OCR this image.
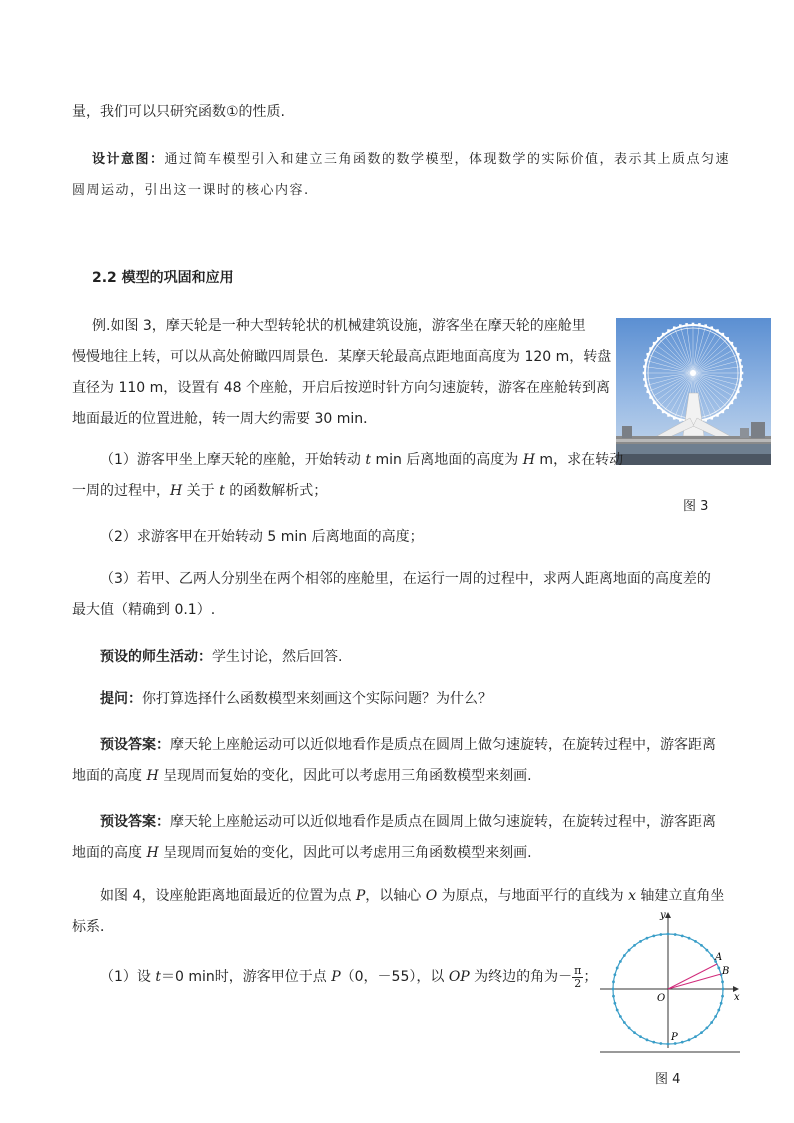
量，我们可以只研究函数①的性质.
设计意图：通过简车模型引入和建立三角函数的数学模型，体现数学的实际价值，表示其上质点匀速
圆周运动，引出这一课时的核心内容.
2.2 模型的巩固和应用
例.如图 3，摩天轮是一种大型转轮状的机械建筑设施，游客坐在摩天轮的座舱里
慢慢地往上转，可以从高处俯瞰四周景色．某摩天轮最高点距地面高度为 120 m，转盘
直径为 110 m，设置有 48 个座舱，开启后按逆时针方向匀速旋转，游客在座舱转到离
地面最近的位置进舱，转一周大约需要 30 min．
图 3
（1）游客甲坐上摩天轮的座舱，开始转动 t min 后离地面的高度为 H m，求在转动
一周的过程中，H 关于 t 的函数解析式；
（2）求游客甲在开始转动 5 min 后离地面的高度；
（3）若甲、乙两人分别坐在两个相邻的座舱里，在运行一周的过程中，求两人距离地面的高度差的
最大值（精确到 0.1）.
预设的师生活动：学生讨论，然后回答.
提问：你打算选择什么函数模型来刻画这个实际问题？为什么？
预设答案：摩天轮上座舱运动可以近似地看作是质点在圆周上做匀速旋转，在旋转过程中，游客距离
地面的高度 H 呈现周而复始的变化，因此可以考虑用三角函数模型来刻画.
预设答案：摩天轮上座舱运动可以近似地看作是质点在圆周上做匀速旋转，在旋转过程中，游客距离
地面的高度 H 呈现周而复始的变化，因此可以考虑用三角函数模型来刻画.
如图 4，设座舱距离地面最近的位置为点 P，以轴心 O 为原点，与地面平行的直线为 x 轴建立直角坐
标系．
（1）设 t＝0 min时，游客甲位于点 P（0，－55），以 OP 为终边的角为－ $\frac{\pi}{2}$ ；
y
x
O
A
B
P
图 4
